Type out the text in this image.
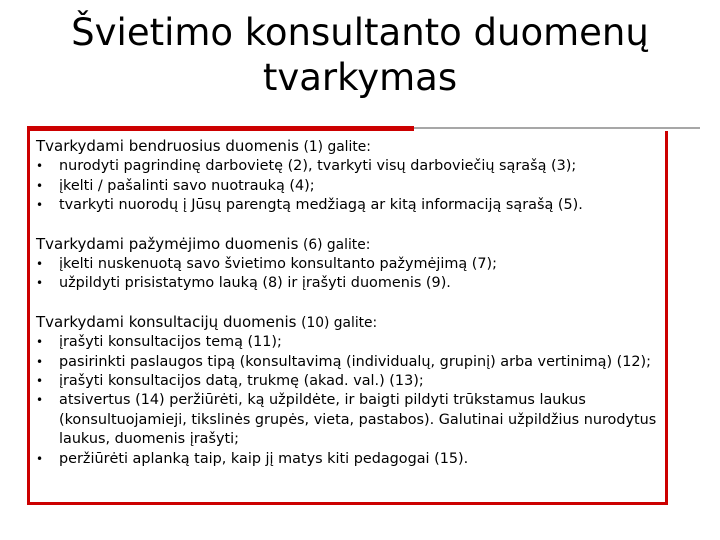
Švietimo konsultanto duomenų
tvarkymas
Tvarkydami bendruosius duomenis (1) galite:
• nurodyti pagrindinę darbovietę (2), tvarkyti visų darboviečių sąrašą (3);
• įkelti / pašalinti savo nuotrauką (4);
• tvarkyti nuorodų į Jūsų parengtą medžiagą ar kitą informaciją sąrašą (5).
Tvarkydami pažymėjimo duomenis (6) galite:
• įkelti nuskenuotą savo švietimo konsultanto pažymėjimą (7);
• užpildyti prisistatymo lauką (8) ir įrašyti duomenis (9).
Tvarkydami konsultacijų duomenis (10) galite:
• įrašyti konsultacijos temą (11);
• pasirinkti paslaugos tipą (konsultavimą (individualų, grupinį) arba vertinimą) (12);
• įrašyti konsultacijos datą, trukmę (akad. val.) (13);
• atsivertus (14) peržiūrėti, ką užpildėte, ir baigti pildyti trūkstamus laukus (konsultuojamieji, tikslinės grupės, vieta, pastabos). Galutinai užpildžius nurodytus laukus, duomenis įrašyti;
• peržiūrėti aplanką taip, kaip jį matys kiti pedagogai (15).
